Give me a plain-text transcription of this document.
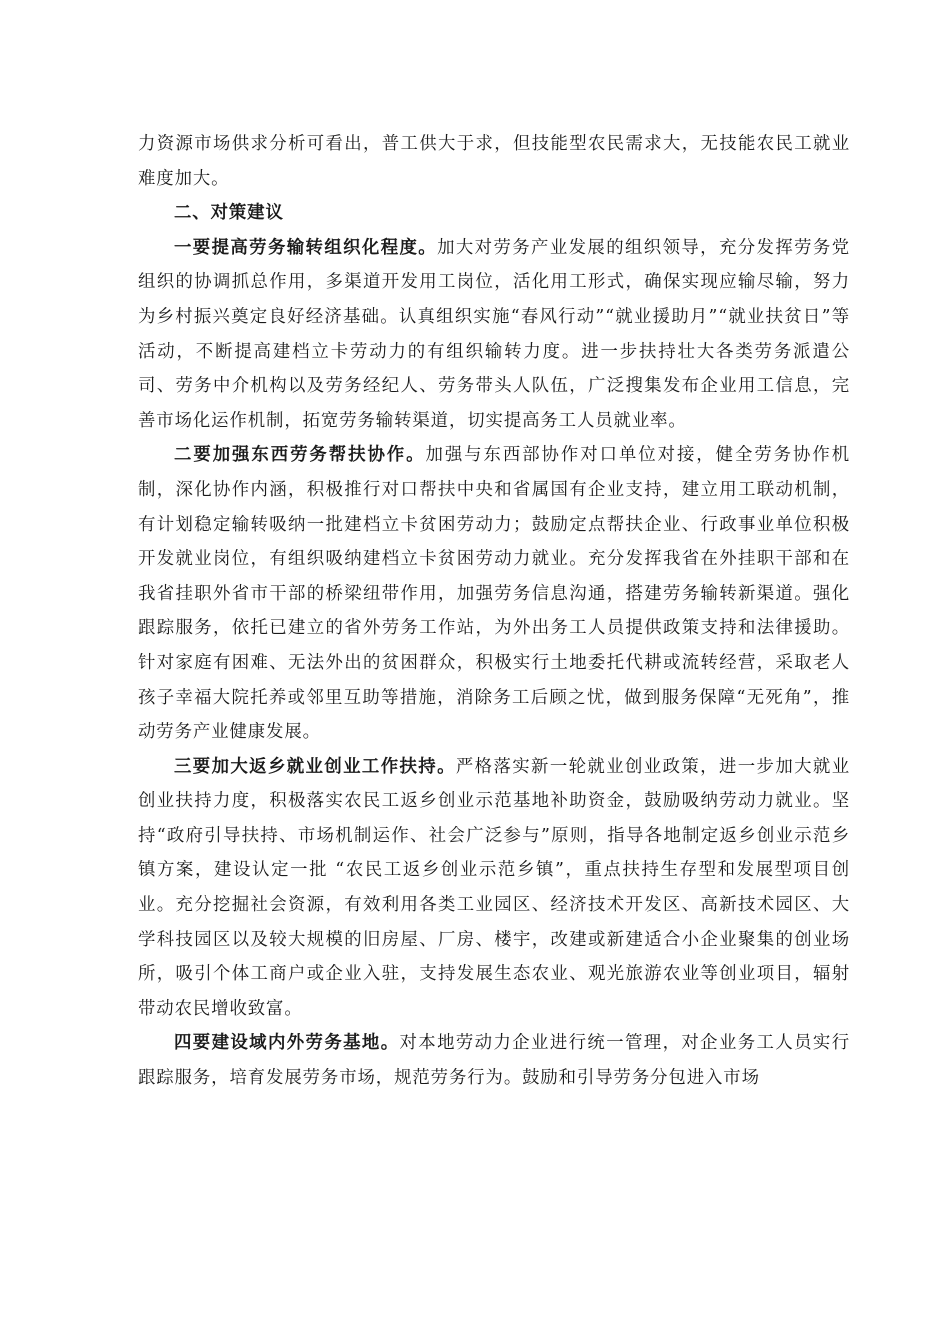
力资源市场供求分析可看出，普工供大于求，但技能型农民需求大，无技能农民工就业难度加大。

二、对策建议

一要提高劳务输转组织化程度。加大对劳务产业发展的组织领导，充分发挥劳务党组织的协调抓总作用，多渠道开发用工岗位，活化用工形式，确保实现应输尽输，努力为乡村振兴奠定良好经济基础。认真组织实施“春风行动”“就业援助月”“就业扶贫日”等活动，不断提高建档立卡劳动力的有组织输转力度。进一步扶持壮大各类劳务派遣公司、劳务中介机构以及劳务经纪人、劳务带头人队伍，广泛搜集发布企业用工信息，完善市场化运作机制，拓宽劳务输转渠道，切实提高务工人员就业率。

二要加强东西劳务帮扶协作。加强与东西部协作对口单位对接，健全劳务协作机制，深化协作内涵，积极推行对口帮扶中央和省属国有企业支持，建立用工联动机制，有计划稳定输转吸纳一批建档立卡贫困劳动力；鼓励定点帮扶企业、行政事业单位积极开发就业岗位，有组织吸纳建档立卡贫困劳动力就业。充分发挥我省在外挂职干部和在我省挂职外省市干部的桥梁纽带作用，加强劳务信息沟通，搭建劳务输转新渠道。强化跟踪服务，依托已建立的省外劳务工作站，为外出务工人员提供政策支持和法律援助。针对家庭有困难、无法外出的贫困群众，积极实行土地委托代耕或流转经营，采取老人孩子幸福大院托养或邻里互助等措施，消除务工后顾之忧，做到服务保障“无死角”，推动劳务产业健康发展。

三要加大返乡就业创业工作扶持。严格落实新一轮就业创业政策，进一步加大就业创业扶持力度，积极落实农民工返乡创业示范基地补助资金，鼓励吸纳劳动力就业。坚持“政府引导扶持、市场机制运作、社会广泛参与”原则，指导各地制定返乡创业示范乡镇方案，建设认定一批 “农民工返乡创业示范乡镇”，重点扶持生存型和发展型项目创业。充分挖掘社会资源，有效利用各类工业园区、经济技术开发区、高新技术园区、大学科技园区以及较大规模的旧房屋、厂房、楼宇，改建或新建适合小企业聚集的创业场所，吸引个体工商户或企业入驻，支持发展生态农业、观光旅游农业等创业项目，辐射带动农民增收致富。

四要建设域内外劳务基地。对本地劳动力企业进行统一管理，对企业务工人员实行跟踪服务，培育发展劳务市场，规范劳务行为。鼓励和引导劳务分包进入市场
